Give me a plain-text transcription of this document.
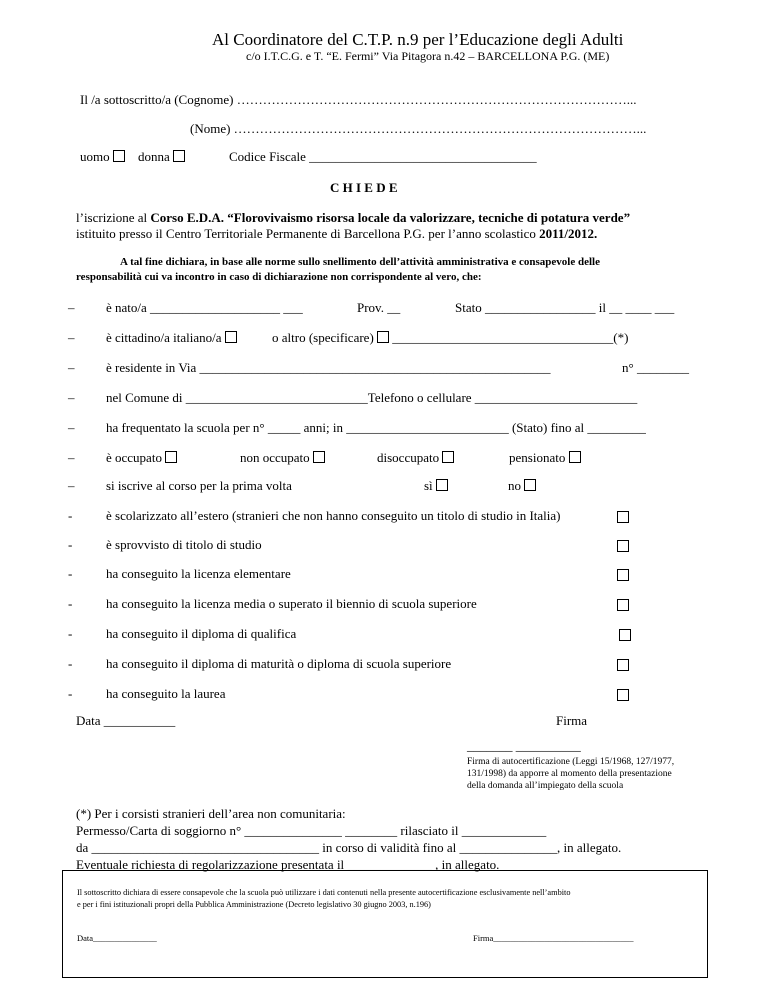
Al Coordinatore del C.T.P. n.9 per l’Educazione degli Adulti
c/o I.T.C.G. e T. “E. Fermi” Via Pitagora n.42 – BARCELLONA P.G. (ME)
Il /a sottoscritto/a (Cognome) ………………………………………………………………………………...
(Nome) …………………………………………………………………………………...
uomo	donna	Codice Fiscale ___________________________________
C H I E D E
l’iscrizione al Corso E.D.A. “Florovivaismo risorsa locale da valorizzare, tecniche di potatura verde”
istituito presso il Centro Territoriale Permanente di Barcellona P.G. per l’anno scolastico 2011/2012.
A tal fine dichiara, in base alle norme sullo snellimento dell’attività amministrativa e consapevole delle
responsabilità cui va incontro in caso di dichiarazione non corrispondente al vero, che:
– è nato/a ____________________ ___	Prov. __	Stato _________________ il __ ____ ___
– è cittadino/a italiano/a	o altro (specificare) __________________________________(*)
– è residente in Via ______________________________________________________	n° ________
– nel Comune di ____________________________Telefono o cellulare _________________________
– ha frequentato la scuola per n° _____ anni; in _________________________ (Stato) fino al _________
– è occupato	non occupato	disoccupato	pensionato
– si iscrive al corso per la prima volta	sì	no
-	è scolarizzato all’estero (stranieri che non hanno conseguito un titolo di studio in Italia)
-	è sprovvisto di titolo di studio
-	ha conseguito la licenza elementare
-	ha conseguito la licenza media o superato il biennio di scuola superiore
-	ha conseguito il diploma di qualifica
-	ha conseguito il diploma di maturità o diploma di scuola superiore
-	ha conseguito la laurea
Data ___________	Firma
_______ __________
Firma di autocertificazione (Leggi 15/1968, 127/1977,
131/1998) da apporre al momento della presentazione
della domanda all’impiegato della scuola
(*) Per i corsisti stranieri dell’area non comunitaria:
Permesso/Carta di soggiorno n° _______________ ________ rilasciato il _____________
da ___________________________________ in corso di validità fino al _______________, in allegato.
Eventuale richiesta di regolarizzazione presentata il _____________ , in allegato.
Il sottoscritto dichiara di essere consapevole che la scuola può utilizzare i dati contenuti nella presente autocertificazione esclusivamente nell’ambito
e per i fini istituzionali propri della Pubblica Amministrazione (Decreto legislativo 30 giugno 2003, n.196)
Data_______________	Firma_________________________________
